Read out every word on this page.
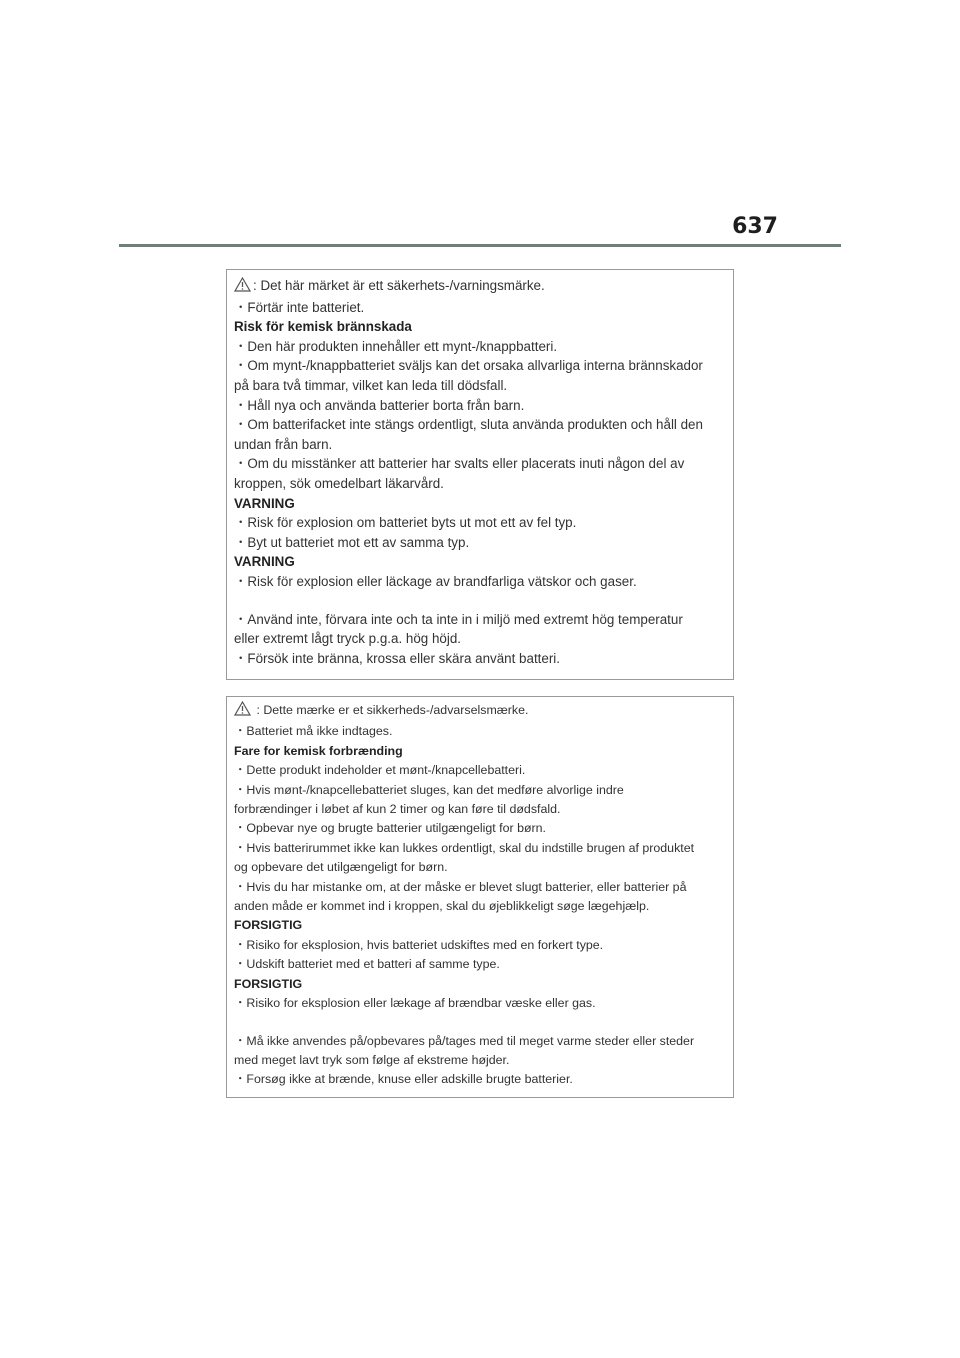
637
: Det här märket är ett säkerhets-/varningsmärke.
・Förtär inte batteriet.
Risk för kemisk brännskada
・Den här produkten innehåller ett mynt-/knappbatteri.
・Om mynt-/knappbatteriet sväljs kan det orsaka allvarliga interna brännskador
på bara två timmar, vilket kan leda till dödsfall.
・Håll nya och använda batterier borta från barn.
・Om batterifacket inte stängs ordentligt, sluta använda produkten och håll den
undan från barn.
・Om du misstänker att batterier har svalts eller placerats inuti någon del av
kroppen, sök omedelbart läkarvård.
VARNING
・Risk för explosion om batteriet byts ut mot ett av fel typ.
・Byt ut batteriet mot ett av samma typ.
VARNING
・Risk för explosion eller läckage av brandfarliga vätskor och gaser.
・Använd inte, förvara inte och ta inte in i miljö med extremt hög temperatur
eller extremt lågt tryck p.g.a. hög höjd.
・Försök inte bränna, krossa eller skära använt batteri.
: Dette mærke er et sikkerheds-/advarselsmærke.
・Batteriet må ikke indtages.
Fare for kemisk forbrænding
・Dette produkt indeholder et mønt-/knapcellebatteri.
・Hvis mønt-/knapcellebatteriet sluges, kan det medføre alvorlige indre
forbrændinger i løbet af kun 2 timer og kan føre til dødsfald.
・Opbevar nye og brugte batterier utilgængeligt for børn.
・Hvis batterirummet ikke kan lukkes ordentligt, skal du indstille brugen af produktet
og opbevare det utilgængeligt for børn.
・Hvis du har mistanke om, at der måske er blevet slugt batterier, eller batterier på
anden måde er kommet ind i kroppen, skal du øjeblikkeligt søge lægehjælp.
FORSIGTIG
・Risiko for eksplosion, hvis batteriet udskiftes med en forkert type.
・Udskift batteriet med et batteri af samme type.
FORSIGTIG
・Risiko for eksplosion eller lækage af brændbar væske eller gas.
・Må ikke anvendes på/opbevares på/tages med til meget varme steder eller steder
med meget lavt tryk som følge af ekstreme højder.
・Forsøg ikke at brænde, knuse eller adskille brugte batterier.
